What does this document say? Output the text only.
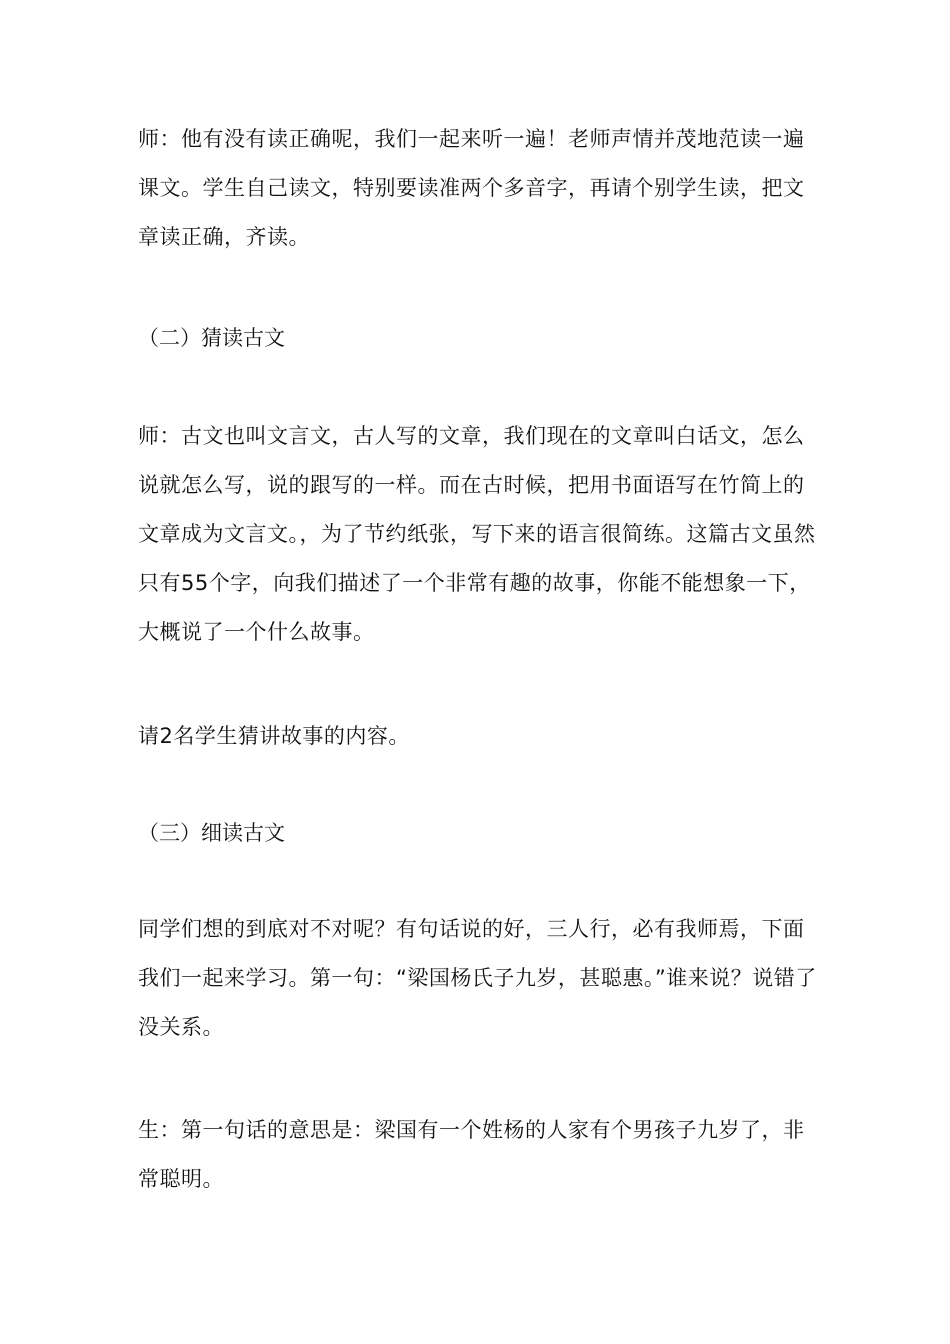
师：他有没有读正确呢，我们一起来听一遍！老师声情并茂地范读一遍课文。学生自己读文，特别要读准两个多音字，再请个别学生读，把文章读正确，齐读。

（二）猜读古文

师：古文也叫文言文，古人写的文章，我们现在的文章叫白话文，怎么说就怎么写，说的跟写的一样。而在古时候，把用书面语写在竹简上的文章成为文言文。，为了节约纸张，写下来的语言很简练。这篇古文虽然只有55个字，向我们描述了一个非常有趣的故事，你能不能想象一下，大概说了一个什么故事。

请2名学生猜讲故事的内容。

（三）细读古文

同学们想的到底对不对呢？有句话说的好，三人行，必有我师焉，下面我们一起来学习。第一句：“梁国杨氏子九岁，甚聪惠。”谁来说？说错了没关系。

生：第一句话的意思是：梁国有一个姓杨的人家有个男孩子九岁了，非常聪明。
